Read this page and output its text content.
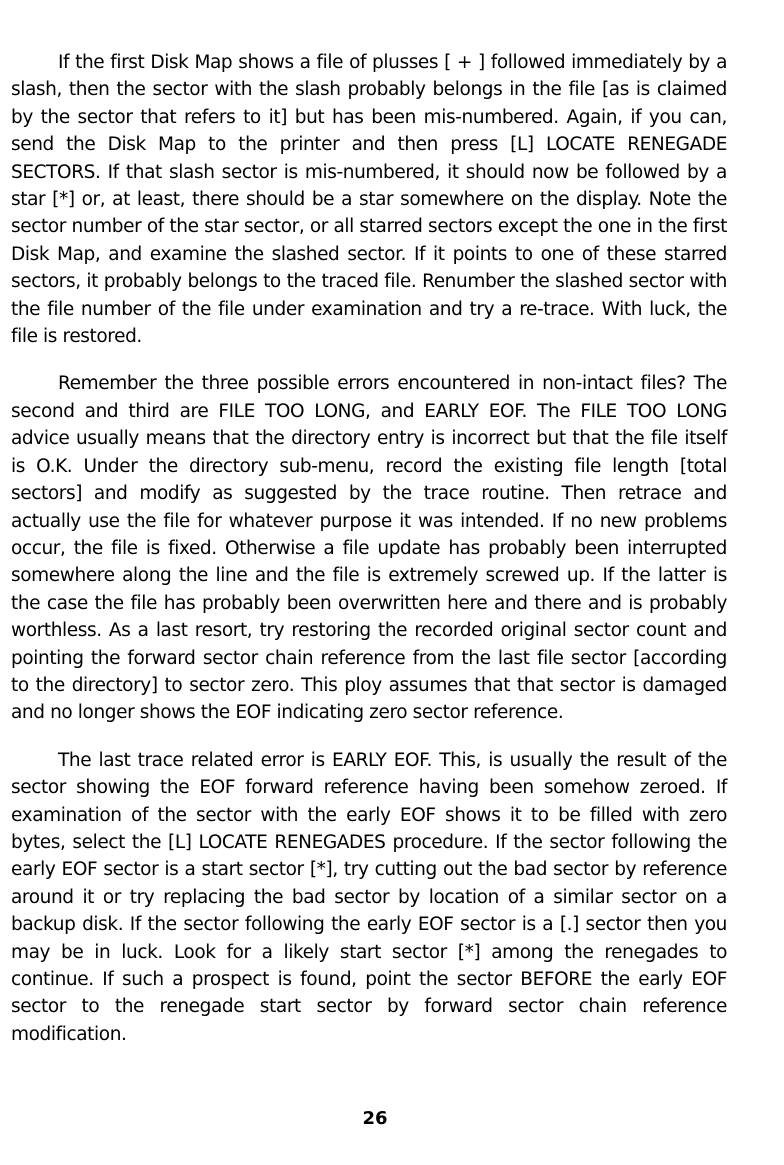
If the first Disk Map shows a file of plusses [ + ] followed immediately by a slash, then the sector with the slash probably belongs in the file [as is claimed by the sector that refers to it] but has been mis-numbered. Again, if you can, send the Disk Map to the printer and then press [L] LOCATE RENEGADE SECTORS. If that slash sector is mis-numbered, it should now be followed by a star [*] or, at least, there should be a star somewhere on the display. Note the sector number of the star sector, or all starred sectors except the one in the first Disk Map, and examine the slashed sector. If it points to one of these starred sectors, it probably belongs to the traced file. Renumber the slashed sector with the file number of the file under examination and try a re-trace. With luck, the file is restored.

Remember the three possible errors encountered in non-intact files? The second and third are FILE TOO LONG, and EARLY EOF. The FILE TOO LONG advice usually means that the directory entry is incorrect but that the file itself is O.K. Under the directory sub-menu, record the existing file length [total sectors] and modify as suggested by the trace routine. Then retrace and actually use the file for whatever purpose it was intended. If no new problems occur, the file is fixed. Otherwise a file update has probably been interrupted somewhere along the line and the file is extremely screwed up. If the latter is the case the file has probably been overwritten here and there and is probably worthless. As a last resort, try restoring the recorded original sector count and pointing the forward sector chain reference from the last file sector [according to the directory] to sector zero. This ploy assumes that that sector is damaged and no longer shows the EOF indicating zero sector reference.

The last trace related error is EARLY EOF. This, is usually the result of the sector showing the EOF forward reference having been somehow zeroed. If examination of the sector with the early EOF shows it to be filled with zero bytes, select the [L] LOCATE RENEGADES procedure. If the sector following the early EOF sector is a start sector [*], try cutting out the bad sector by reference around it or try replacing the bad sector by location of a similar sector on a backup disk. If the sector following the early EOF sector is a [.] sector then you may be in luck. Look for a likely start sector [*] among the renegades to continue. If such a prospect is found, point the sector BEFORE the early EOF sector to the renegade start sector by forward sector chain reference modification.

26
